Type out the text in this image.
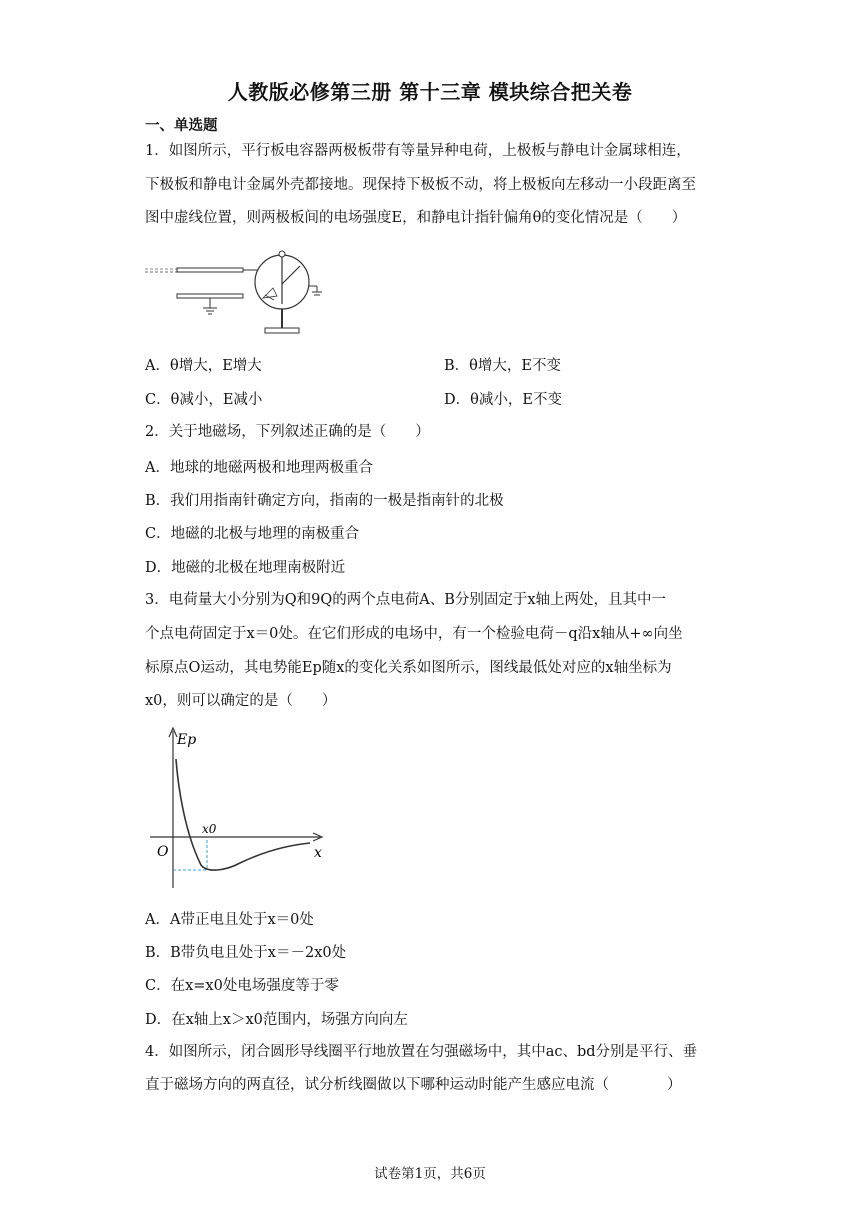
人教版必修第三册 第十三章 模块综合把关卷
一、单选题
1．如图所示，平行板电容器两极板带有等量异种电荷，上极板与静电计金属球相连，
下极板和静电计金属外壳都接地。现保持下极板不动，将上极板向左移动一小段距离至
图中虚线位置，则两极板间的电场强度E，和静电计指针偏角θ的变化情况是（　　）
A．θ增大，E增大	B．θ增大，E不变
C．θ减小，E减小	D．θ减小，E不变
2．关于地磁场，下列叙述正确的是（　　）
A．地球的地磁两极和地理两极重合
B．我们用指南针确定方向，指南的一极是指南针的北极
C．地磁的北极与地理的南极重合
D．地磁的北极在地理南极附近
3．电荷量大小分别为Q和9Q的两个点电荷A、B分别固定于x轴上两处，且其中一
个点电荷固定于x＝0处。在它们形成的电场中，有一个检验电荷－q沿x轴从+∞向坐
标原点O运动，其电势能Ep随x的变化关系如图所示，图线最低处对应的x轴坐标为
x0，则可以确定的是（　　）
Ep
x
O
x0
A．A带正电且处于x＝0处
B．B带负电且处于x＝－2x0处
C．在x=x0处电场强度等于零
D．在x轴上x＞x0范围内，场强方向向左
4．如图所示，闭合圆形导线圈平行地放置在匀强磁场中，其中ac、bd分别是平行、垂
直于磁场方向的两直径，试分析线圈做以下哪种运动时能产生感应电流（　　　　）
试卷第1页，共6页
